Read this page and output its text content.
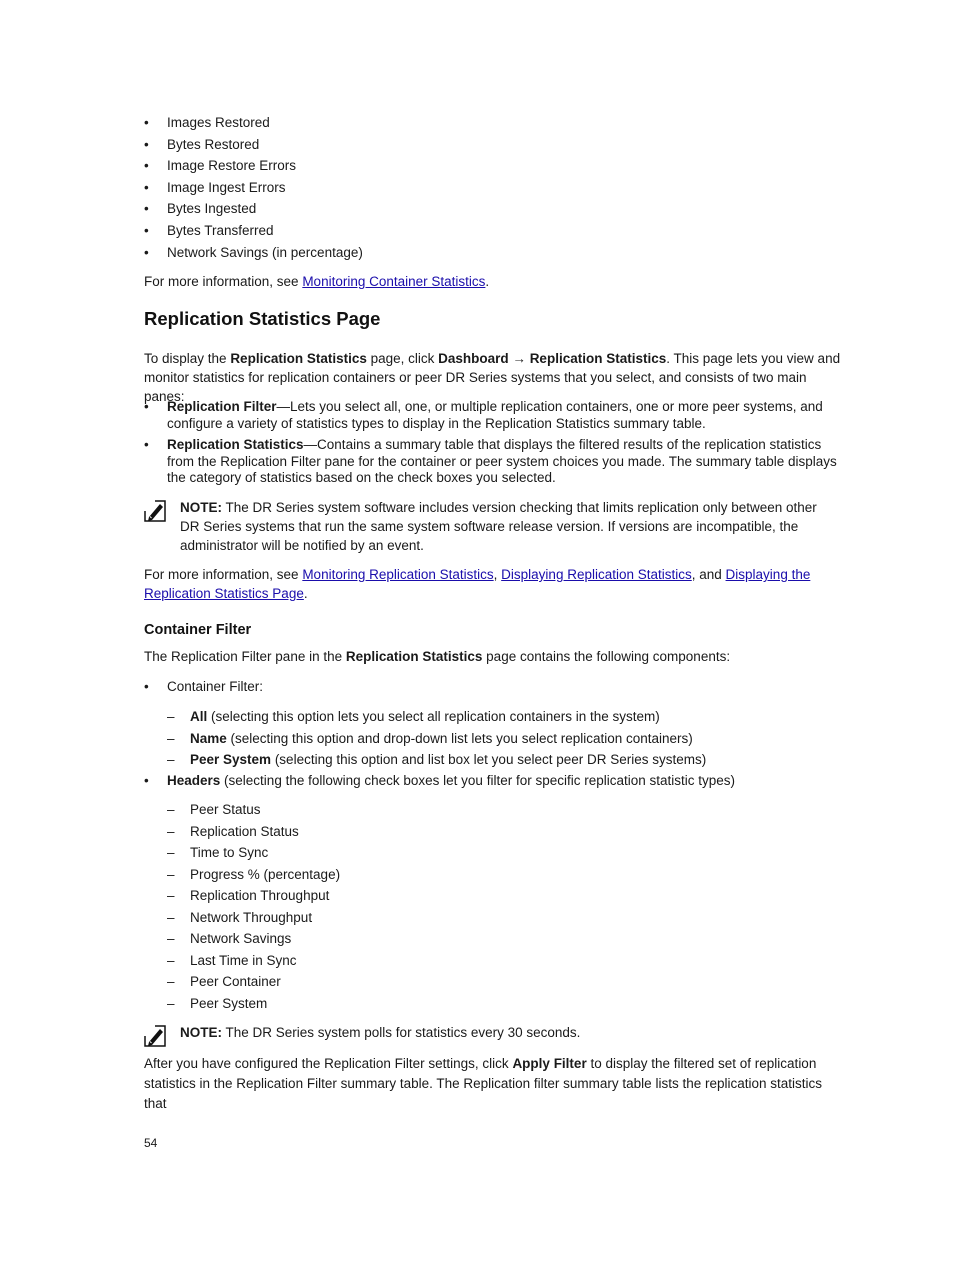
• Images Restored
• Bytes Restored
• Image Restore Errors
• Image Ingest Errors
• Bytes Ingested
• Bytes Transferred
• Network Savings (in percentage)
For more information, see Monitoring Container Statistics.
Replication Statistics Page
To display the Replication Statistics page, click Dashboard → Replication Statistics. This page lets you view and monitor statistics for replication containers or peer DR Series systems that you select, and consists of two main panes:
• Replication Filter—Lets you select all, one, or multiple replication containers, one or more peer systems, and configure a variety of statistics types to display in the Replication Statistics summary table.
• Replication Statistics—Contains a summary table that displays the filtered results of the replication statistics from the Replication Filter pane for the container or peer system choices you made. The summary table displays the category of statistics based on the check boxes you selected.
NOTE: The DR Series system software includes version checking that limits replication only between other DR Series systems that run the same system software release version. If versions are incompatible, the administrator will be notified by an event.
For more information, see Monitoring Replication Statistics, Displaying Replication Statistics, and Displaying the Replication Statistics Page.
Container Filter
The Replication Filter pane in the Replication Statistics page contains the following components:
• Container Filter:
– All (selecting this option lets you select all replication containers in the system)
– Name (selecting this option and drop-down list lets you select replication containers)
– Peer System (selecting this option and list box let you select peer DR Series systems)
• Headers (selecting the following check boxes let you filter for specific replication statistic types)
– Peer Status
– Replication Status
– Time to Sync
– Progress % (percentage)
– Replication Throughput
– Network Throughput
– Network Savings
– Last Time in Sync
– Peer Container
– Peer System
NOTE: The DR Series system polls for statistics every 30 seconds.
After you have configured the Replication Filter settings, click Apply Filter to display the filtered set of replication statistics in the Replication Filter summary table. The Replication filter summary table lists the replication statistics that
54
